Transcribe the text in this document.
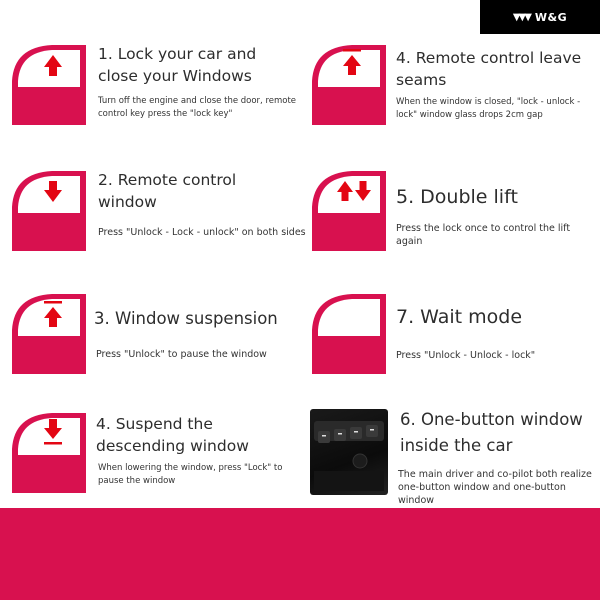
▼▼▼ W&G
1. Lock your car and close your Windows
Turn off the engine and close the door, remote control key press the "lock key"
2. Remote control window
Press "Unlock - Lock - unlock" on both sides
3. Window suspension
Press "Unlock" to pause the window
4. Suspend the descending window
When lowering the window, press "Lock" to pause the window
4. Remote control leave seams
When the window is closed, "lock - unlock - lock" window glass drops 2cm gap
5. Double lift
Press the lock once to control the lift again
7. Wait mode
Press "Unlock - Unlock - lock"
6. One-button window inside the car
The main driver and co-pilot both realize one-button window and one-button window
